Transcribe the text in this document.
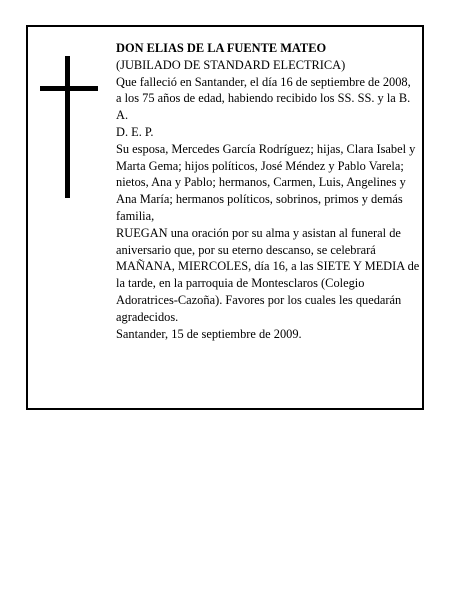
DON ELIAS DE LA FUENTE MATEO

(JUBILADO DE STANDARD ELECTRICA)

Que falleció en Santander, el día 16 de septiembre de 2008,

a los 75 años de edad, habiendo recibido los SS. SS. y la B. A.

D. E. P.

Su esposa, Mercedes García Rodríguez; hijas, Clara Isabel y Marta Gema; hijos políticos, José Méndez y Pablo Varela; nietos, Ana y Pablo; hermanos, Carmen, Luis, Angelines y Ana María; hermanos políticos, sobrinos, primos y demás familia,

RUEGAN una oración por su alma y asistan al funeral de aniversario que, por su eterno descanso, se celebrará MAÑANA, MIERCOLES, día 16, a las SIETE Y MEDIA de la tarde, en la parroquia de Montesclaros (Colegio Adoratrices-Cazoña). Favores por los cuales les quedarán agradecidos.

Santander, 15 de septiembre de 2009.
